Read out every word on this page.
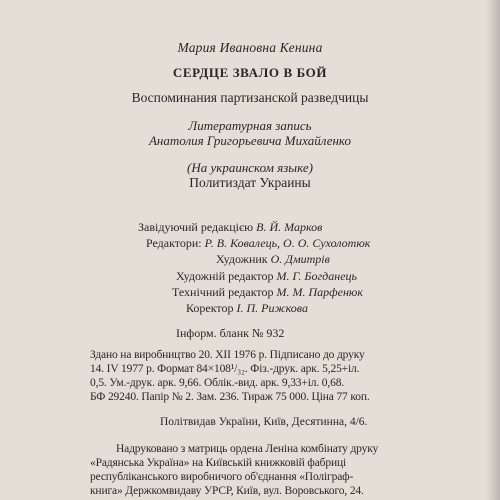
Мария Ивановна Кенина
СЕРДЦЕ ЗВАЛО В БОЙ
Воспоминания партизанской разведчицы
Литературная запись
Анатолия Григорьевича Михайленко
(На украинском языке)
Политиздат Украины
Завідуючий редакцією В. Й. Марков
Редактори: Р. В. Ковалець, О. О. Сухолотюк
Художник О. Дмитрів
Художній редактор М. Г. Богданець
Технічний редактор М. М. Парфенюк
Коректор І. П. Рижкова
Інформ. бланк № 932
Здано на виробництво 20. XII 1976 р. Підписано до друку
14. IV 1977 р. Формат 84×108¹/₃₂. Фіз.-друк. арк. 5,25+іл.
0,5. Ум.-друк. арк. 9,66. Облік.-вид. арк. 9,33+іл. 0,68.
БФ 29240. Папір № 2. Зам. 236. Тираж 75 000. Ціна 77 коп.
Політвидав України, Київ, Десятинна, 4/6.
Надруковано з матриць ордена Леніна комбінату друку
«Радянська Україна» на Київській книжковій фабриці
республіканського виробничого об'єднання «Поліграф-
книга» Держкомвидаву УРСР, Київ, вул. Воровського, 24.
